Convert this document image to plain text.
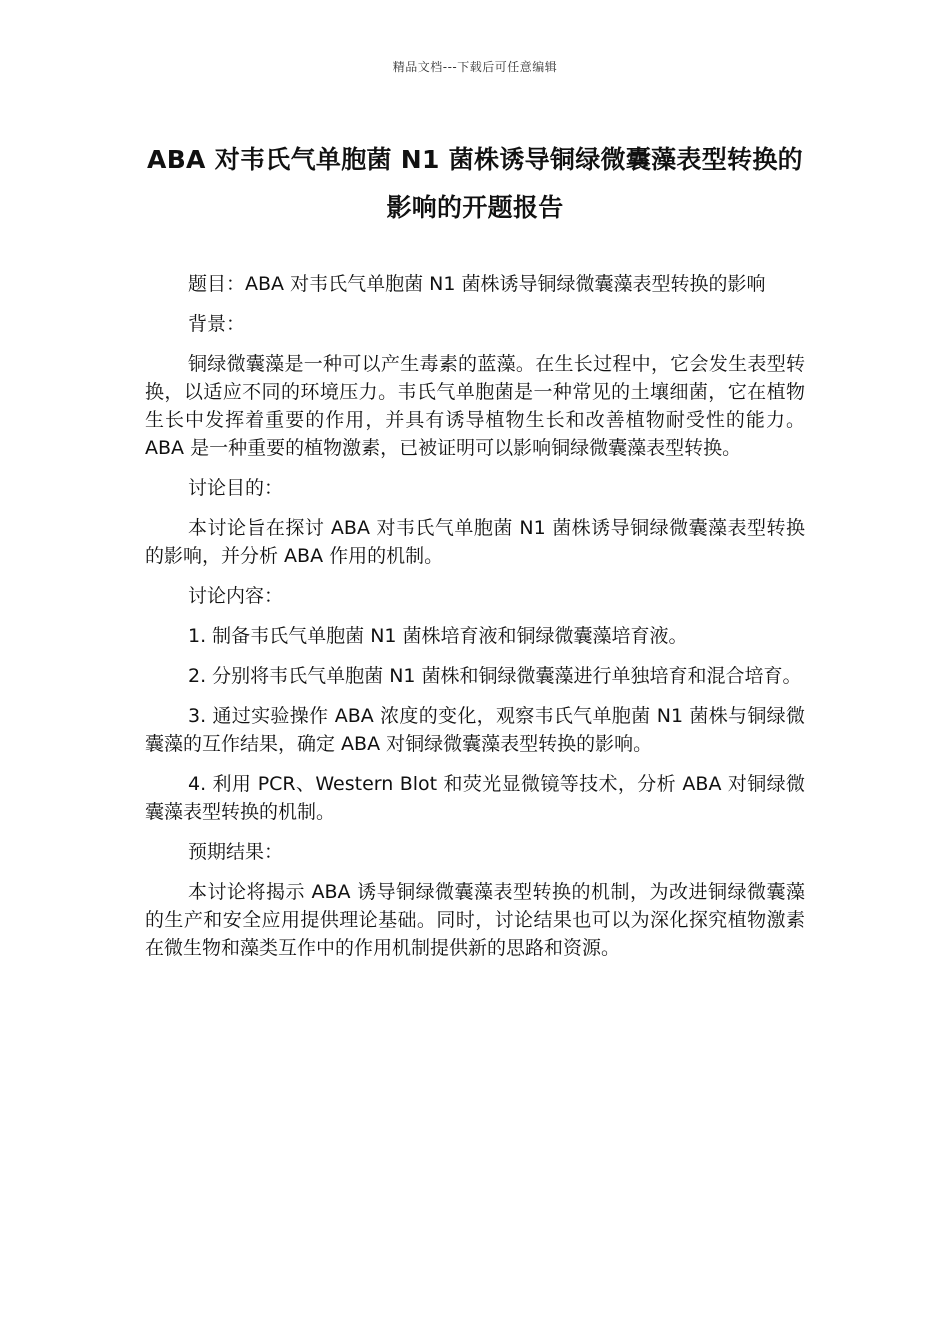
精品文档---下载后可任意编辑
ABA 对韦氏气单胞菌 N1 菌株诱导铜绿微囊藻表型转换的影响的开题报告

题目：ABA 对韦氏气单胞菌 N1 菌株诱导铜绿微囊藻表型转换的影响

背景：

铜绿微囊藻是一种可以产生毒素的蓝藻。在生长过程中，它会发生表型转换，以适应不同的环境压力。韦氏气单胞菌是一种常见的土壤细菌，它在植物生长中发挥着重要的作用，并具有诱导植物生长和改善植物耐受性的能力。ABA 是一种重要的植物激素，已被证明可以影响铜绿微囊藻表型转换。

讨论目的：

本讨论旨在探讨 ABA 对韦氏气单胞菌 N1 菌株诱导铜绿微囊藻表型转换的影响，并分析 ABA 作用的机制。

讨论内容：

1. 制备韦氏气单胞菌 N1 菌株培育液和铜绿微囊藻培育液。

2. 分别将韦氏气单胞菌 N1 菌株和铜绿微囊藻进行单独培育和混合培育。

3. 通过实验操作 ABA 浓度的变化，观察韦氏气单胞菌 N1 菌株与铜绿微囊藻的互作结果，确定 ABA 对铜绿微囊藻表型转换的影响。

4. 利用 PCR、Western Blot 和荧光显微镜等技术，分析 ABA 对铜绿微囊藻表型转换的机制。

预期结果：

本讨论将揭示 ABA 诱导铜绿微囊藻表型转换的机制，为改进铜绿微囊藻的生产和安全应用提供理论基础。同时，讨论结果也可以为深化探究植物激素在微生物和藻类互作中的作用机制提供新的思路和资源。
